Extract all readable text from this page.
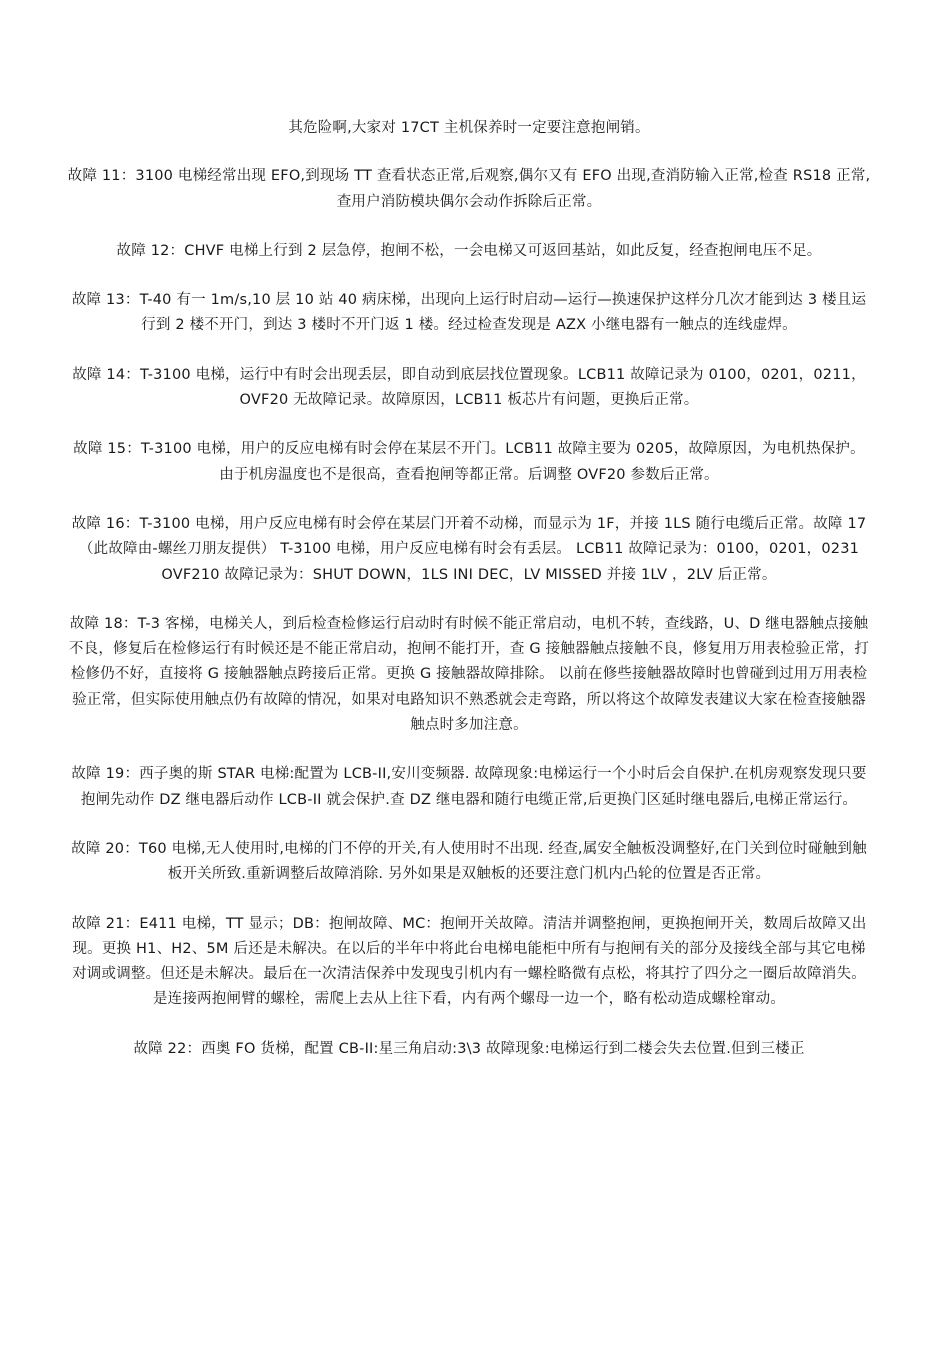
其危险啊,大家对 17CT 主机保养时一定要注意抱闸销。

故障 11：3100 电梯经常出现 EFO,到现场 TT 查看状态正常,后观察,偶尔又有 EFO 出现,查消防输入正常,检查 RS18 正常,查用户消防模块偶尔会动作拆除后正常。

故障 12：CHVF 电梯上行到 2 层急停，抱闸不松，一会电梯又可返回基站，如此反复，经查抱闸电压不足。

故障 13：T-40 有一 1m/s,10 层 10 站 40 病床梯，出现向上运行时启动—运行—换速保护这样分几次才能到达 3 楼且运行到 2 楼不开门，到达 3 楼时不开门返 1 楼。经过检查发现是 AZX 小继电器有一触点的连线虚焊。

故障 14：T-3100 电梯，运行中有时会出现丢层，即自动到底层找位置现象。LCB11 故障记录为 0100，0201，0211，OVF20 无故障记录。故障原因，LCB11 板芯片有问题，更换后正常。

故障 15：T-3100 电梯，用户的反应电梯有时会停在某层不开门。LCB11 故障主要为 0205，故障原因，为电机热保护。由于机房温度也不是很高，查看抱闸等都正常。后调整 OVF20 参数后正常。

故障 16：T-3100 电梯，用户反应电梯有时会停在某层门开着不动梯，而显示为 1F，并接 1LS 随行电缆后正常。故障 17（此故障由-螺丝刀朋友提供） T-3100 电梯，用户反应电梯有时会有丢层。 LCB11 故障记录为：0100，0201，0231 OVF210 故障记录为：SHUT DOWN，1LS INI DEC，LV MISSED 并接 1LV ，2LV 后正常。

故障 18：T-3 客梯，电梯关人，到后检查检修运行启动时有时候不能正常启动，电机不转，查线路，U、D 继电器触点接触不良，修复后在检修运行有时候还是不能正常启动，抱闸不能打开，查 G 接触器触点接触不良，修复用万用表检验正常，打检修仍不好，直接将 G 接触器触点跨接后正常。更换 G 接触器故障排除。 以前在修些接触器故障时也曾碰到过用万用表检验正常，但实际使用触点仍有故障的情况，如果对电路知识不熟悉就会走弯路，所以将这个故障发表建议大家在检查接触器触点时多加注意。

故障 19：西子奥的斯 STAR 电梯:配置为 LCB-II,安川变频器. 故障现象:电梯运行一个小时后会自保护.在机房观察发现只要抱闸先动作 DZ 继电器后动作 LCB-II 就会保护.查 DZ 继电器和随行电缆正常,后更换门区延时继电器后,电梯正常运行。

故障 20：T60 电梯,无人使用时,电梯的门不停的开关,有人使用时不出现. 经查,属安全触板没调整好,在门关到位时碰触到触板开关所致.重新调整后故障消除. 另外如果是双触板的还要注意门机内凸轮的位置是否正常。

故障 21：E411 电梯，TT 显示；DB：抱闸故障、MC：抱闸开关故障。清洁并调整抱闸，更换抱闸开关，数周后故障又出现。更换 H1、H2、5M 后还是未解决。在以后的半年中将此台电梯电能柜中所有与抱闸有关的部分及接线全部与其它电梯对调或调整。但还是未解决。最后在一次清洁保养中发现曳引机内有一螺栓略微有点松，将其拧了四分之一圈后故障消失。是连接两抱闸臂的螺栓，需爬上去从上往下看，内有两个螺母一边一个，略有松动造成螺栓窜动。

故障 22：西奥 FO 货梯，配置 CB-II:星三角启动:3\3 故障现象:电梯运行到二楼会失去位置.但到三楼正
